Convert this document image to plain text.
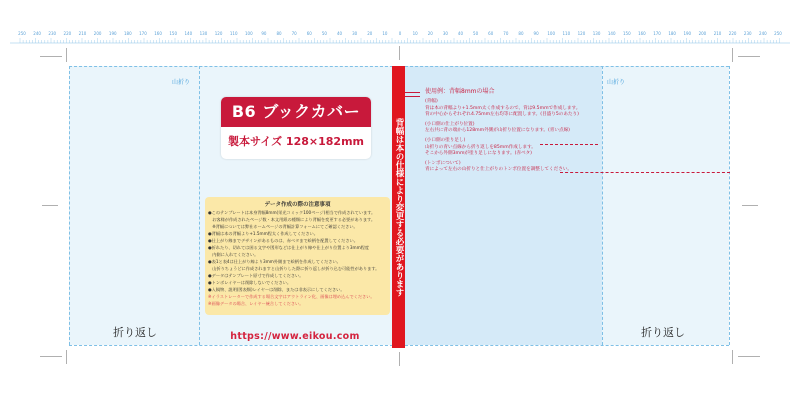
250 240 230 220 210 200 190 180 170 160 150 140 130 120 110 100 90	80	70	60	50	40	30	20	10	0	10	20	30	40	50	60	70	80	90 100 110 120 130 140 150 160 170 180 190 200 210 220 230 240 250
山折り	山折り
B6 ブックカバー
製本サイズ 128×182mm
データ作成の際の注意事項
●このテンプレートは本身背幅8mm(栄光コミック100ページ)相当で作成されています。
　お客様が作成されたページ数・本文用紙の種類により背幅を変更する必要があります。
　※背幅については弊社ホームページの背幅計算フォームにてご確認ください。
●背幅は本の背幅より+1.5mm程太く作成してください。
●仕上がり線までデザインがあるものは、赤ベタまで絵柄を配置してください。
●折れたり、切れては困る文字や図形などは仕上がり線や仕上がり位置より3mm程度
　内側に入れてください。
●表1と表4は仕上がり線より3mm外側まで絵柄を作成してください。
　山折りちょうどに作成されますと山折りした際に折り返しが折り込む可能性があります。
●データはテンプレート原寸で作成してください。
●トンボレイヤーは削除しないでください。
●入稿物、説明(図表類)レイヤーは削除、または非表示にしてください。
※イラストレーターで作成する場合文字はアウトライン化、画像は埋め込んでください。
※画像データの場合、レイヤー統合してください。
https://www.eikou.com
背幅は本の仕様により変更する必要があります
使用例：背幅8mmの場合
(背幅)
背は本の背幅より+1.5mm太く作成するので、背は9.5mmで作成します。
背の中心からそれぞれ4.75mm左右均等に配置します。(目盛り5のあたり)
(小口側の仕上がり位置)
左右共に背の端から128mm外側が山折り位置になります。(青い点線)
(小口側の塗り足し)
山折りの青い点線から折り返しを85mm作成します。
そこから外側3mmが塗り足しになります。(赤ベタ)
(トンボについて)
青によって左右の山折りと仕上がりのトンボ位置を調整してください。
折り返し	折り返し
